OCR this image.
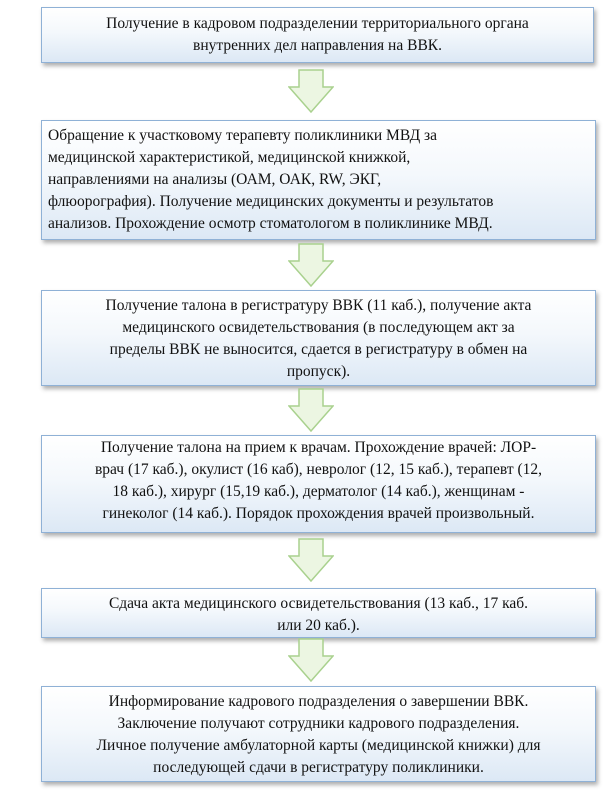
Получение в кадровом подразделении территориального органа
внутренних дел направления на ВВК.
Обращение к участковому терапевту поликлиники МВД за
медицинской характеристикой, медицинской книжкой,
направлениями на анализы (ОАМ, ОАК, RW, ЭКГ,
флюорография). Получение медицинских документы и результатов
анализов. Прохождение осмотр стоматологом в поликлинике МВД.
Получение талона в регистратуру ВВК (11 каб.), получение акта
медицинского освидетельствования (в последующем акт за
пределы ВВК не выносится, сдается в регистратуру в обмен на
пропуск).
Получение талона на прием к врачам. Прохождение врачей: ЛОР-
врач (17 каб.), окулист (16 каб), невролог (12, 15 каб.), терапевт (12,
18 каб.), хирург (15,19 каб.), дерматолог (14 каб.), женщинам -
гинеколог (14 каб.). Порядок прохождения врачей произвольный.
Сдача акта медицинского освидетельствования (13 каб., 17 каб.
или 20 каб.).
Информирование кадрового подразделения о завершении ВВК.
Заключение получают сотрудники кадрового подразделения.
Личное получение амбулаторной карты (медицинской книжки) для
последующей сдачи в регистратуру поликлиники.
